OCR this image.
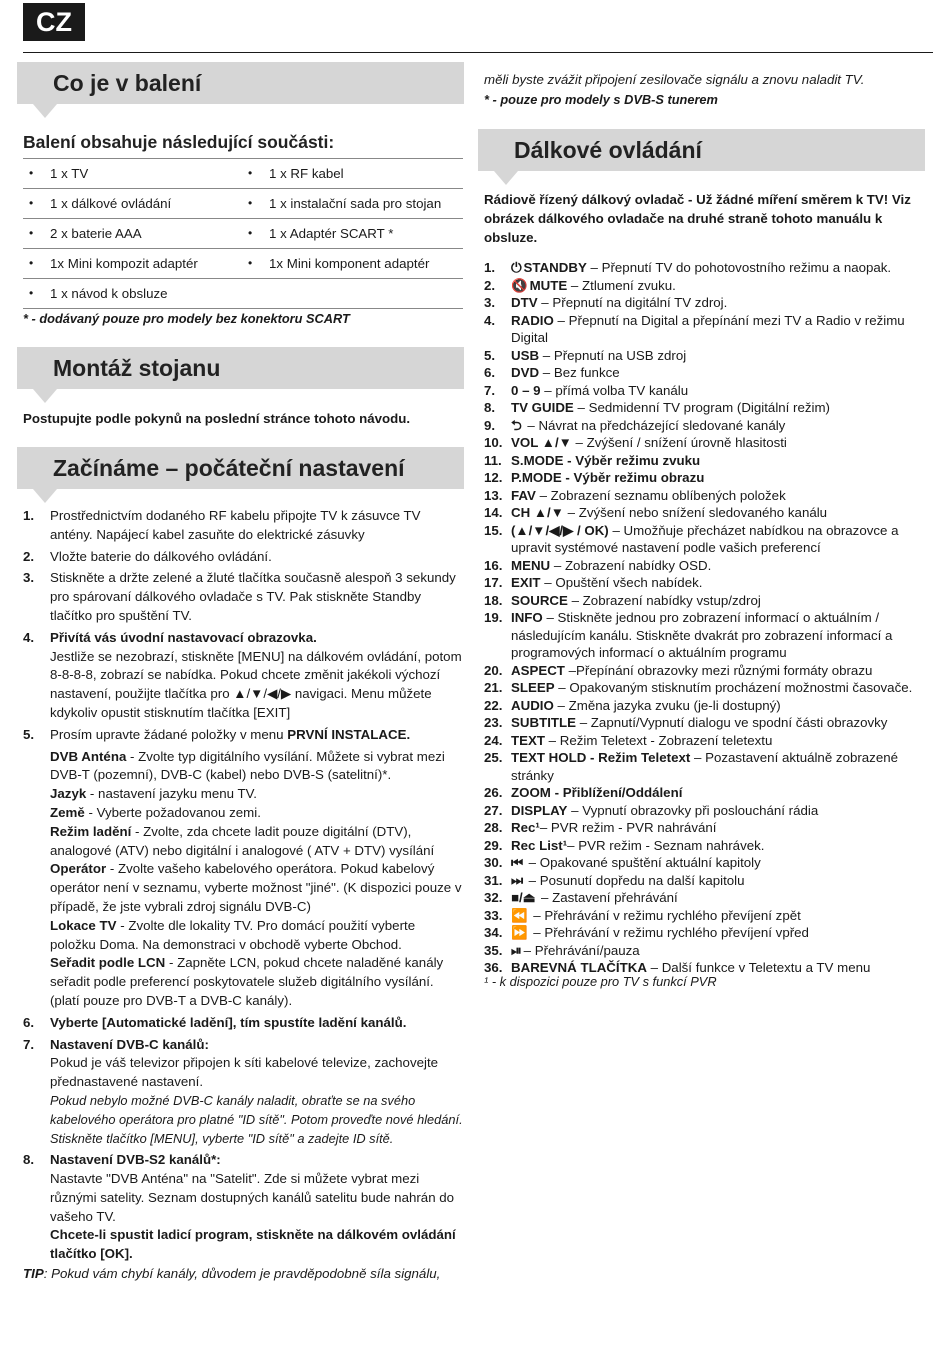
CZ
Co je v balení
Balení obsahuje následující součásti:
• 1 x TV	• 1 x RF kabel
• 1 x dálkové ovládání	• 1 x instalační sada pro stojan
• 2 x baterie AAA	• 1 x Adaptér SCART *
• 1x Mini kompozit adaptér	• 1x Mini komponent adaptér
• 1 x návod k obsluze
* - dodávaný pouze pro modely bez konektoru SCART
Montáž stojanu
Postupujte podle pokynů na poslední stránce tohoto návodu.
Začínáme – počáteční nastavení
1. Prostřednictvím dodaného RF kabelu připojte TV k zásuvce TV antény. Napájecí kabel zasuňte do elektrické zásuvky
2. Vložte baterie do dálkového ovládání.
3. Stiskněte a držte zelené a žluté tlačítka současně alespoň 3 sekundy pro spárovaní dálkového ovladače s TV. Pak stiskněte Standby tlačítko pro spuštění TV.
4. Přivítá vás úvodní nastavovací obrazovka.
Jestliže se nezobrazí, stiskněte [MENU] na dálkovém ovládání, potom 8-8-8-8, zobrazí se nabídka. Pokud chcete změnit jakékoli výchozí nastavení, použijte tlačítka pro ▲/▼/◀/▶ navigaci. Menu můžete kdykoliv opustit stisknutím tlačítka [EXIT]
5. Prosím upravte žádané položky v menu PRVNÍ INSTALACE.
DVB Anténa - Zvolte typ digitálního vysílání. Můžete si vybrat mezi DVB-T (pozemní), DVB-C (kabel) nebo DVB-S (satelitní)*.
Jazyk - nastavení jazyku menu TV.
Země - Vyberte požadovanou zemi.
Režim ladění - Zvolte, zda chcete ladit pouze digitální (DTV), analogové (ATV) nebo digitální i analogové ( ATV + DTV) vysílání
Operátor - Zvolte vašeho kabelového operátora. Pokud kabelový operátor není v seznamu, vyberte možnost "jiné". (K dispozici pouze v případě, že jste vybrali zdroj signálu DVB-C)
Lokace TV - Zvolte dle lokality TV. Pro domácí použití vyberte položku Doma. Na demonstraci v obchodě vyberte Obchod.
Seřadit podle LCN - Zapněte LCN, pokud chcete naladěné kanály seřadit podle preferencí poskytovatele služeb digitálního vysílání. (platí pouze pro DVB-T a DVB-C kanály).
6. Vyberte [Automatické ladění], tím spustíte ladění kanálů.
7. Nastavení DVB-C kanálů:
Pokud je váš televizor připojen k síti kabelové televize, zachovejte přednastavené nastavení.
Pokud nebylo možné DVB-C kanály naladit, obraťte se na svého kabelového operátora pro platné "ID sítě". Potom proveďte nové hledání. Stiskněte tlačítko [MENU], vyberte "ID sítě" a zadejte ID sítě.
8. Nastavení DVB-S2 kanálů*:
Nastavte "DVB Anténa" na "Satelit". Zde si můžete vybrat mezi různými satelity. Seznam dostupných kanálů satelitu bude nahrán do vašeho TV.
Chcete-li spustit ladicí program, stiskněte na dálkovém ovládání tlačítko [OK].
TIP: Pokud vám chybí kanály, důvodem je pravděpodobně síla signálu,
měli byste zvážit připojení zesilovače signálu a znovu naladit TV.
* - pouze pro modely s DVB-S tunerem
Dálkové ovládání
Rádiově řízený dálkový ovladač - Už žádné míření směrem k TV! Viz obrázek dálkového ovladače na druhé straně tohoto manuálu k obsluze.
1. ⏻ STANDBY – Přepnutí TV do pohotovostního režimu a naopak.
2. 🔇 MUTE – Ztlumení zvuku.
3. DTV – Přepnutí na digitální TV zdroj.
4. RADIO – Přepnutí na Digital a přepínání mezi TV a Radio v režimu Digital
5. USB – Přepnutí na USB zdroj
6. DVD – Bez funkce
7. 0 – 9 – přímá volba TV kanálu
8. TV GUIDE – Sedmidenní TV program (Digitální režim)
9. ⮌ – Návrat na předcházející sledované kanály
10. VOL ▲/▼ – Zvýšení / snížení úrovně hlasitosti
11. S.MODE - Výběr režimu zvuku
12. P.MODE - Výběr režimu obrazu
13. FAV – Zobrazení seznamu oblíbených položek
14. CH ▲/▼ – Zvýšení nebo snížení sledovaného kanálu
15. (▲/▼/◀/▶ / OK) – Umožňuje přecházet nabídkou na obrazovce a upravit systémové nastavení podle vašich preferencí
16. MENU – Zobrazení nabídky OSD.
17. EXIT – Opuštění všech nabídek.
18. SOURCE – Zobrazení nabídky vstup/zdroj
19. INFO – Stiskněte jednou pro zobrazení informací o aktuálním / následujícím kanálu. Stiskněte dvakrát pro zobrazení informací a programových informací o aktuálním programu
20. ASPECT –Přepínání obrazovky mezi různými formáty obrazu
21. SLEEP – Opakovaným stisknutím procházení možnostmi časovače.
22. AUDIO – Změna jazyka zvuku (je-li dostupný)
23. SUBTITLE – Zapnutí/Vypnutí dialogu ve spodní části obrazovky
24. TEXT – Režim Teletext - Zobrazení teletextu
25. TEXT HOLD - Režim Teletext – Pozastavení aktuálně zobrazené stránky
26. ZOOM - Přiblížení/Oddálení
27. DISPLAY – Vypnutí obrazovky při poslouchání rádia
28. Rec¹– PVR režim - PVR nahrávání
29. Rec List¹– PVR režim - Seznam nahrávek.
30. ⏮ – Opakované spuštění aktuální kapitoly
31. ⏭ – Posunutí dopředu na další kapitolu
32. ■/⏏ – Zastavení přehrávání
33. ⏪ – Přehrávání v režimu rychlého převíjení zpět
34. ⏩ – Přehrávání v režimu rychlého převíjení vpřed
35. ⏯ – Přehrávání/pauza
36. BAREVNÁ TLAČÍTKA – Další funkce v Teletextu a TV menu
¹ - k dispozici pouze pro TV s funkcí PVR
